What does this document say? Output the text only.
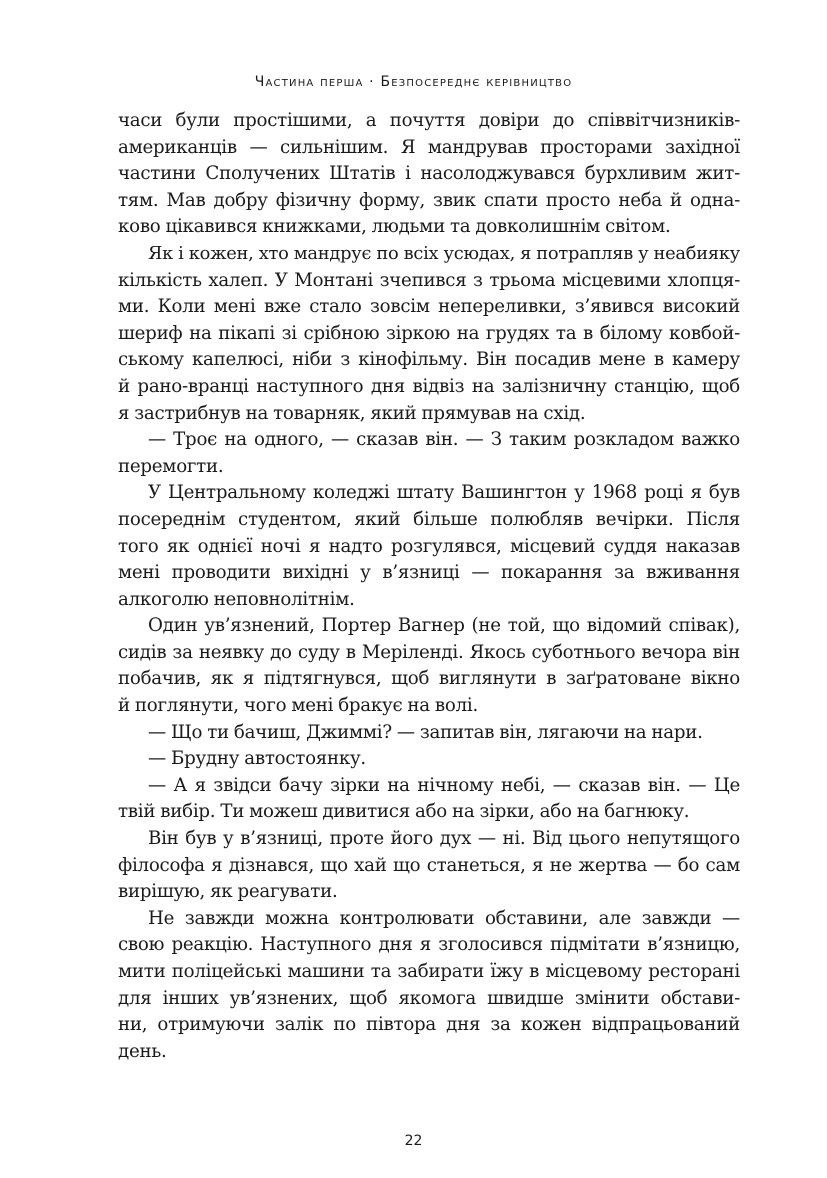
Частина перша · Безпосереднє керівництво
часи були простішими, а почуття довіри до співвітчизників-
американців — сильнішим. Я мандрував просторами західної
частини Сполучених Штатів і насолоджувався бурхливим жит-
тям. Мав добру фізичну форму, звик спати просто неба й одна-
ково цікавився книжками, людьми та довколишнім світом.
Як і кожен, хто мандрує по всіх усюдах, я потрапляв у неабияку
кількість халеп. У Монтані зчепився з трьома місцевими хлопця-
ми. Коли мені вже стало зовсім непереливки, з’явився високий
шериф на пікапі зі срібною зіркою на грудях та в білому ковбой-
ському капелюсі, ніби з кінофільму. Він посадив мене в камеру
й рано-вранці наступного дня відвіз на залізничну станцію, щоб
я застрибнув на товарняк, який прямував на схід.
— Троє на одного, — сказав він. — З таким розкладом важко
перемогти.
У Центральному коледжі штату Вашингтон у 1968 році я був
посереднім студентом, який більше полюбляв вечірки. Після
того як однієї ночі я надто розгулявся, місцевий суддя наказав
мені проводити вихідні у в’язниці — покарання за вживання
алкоголю неповнолітнім.
Один ув’язнений, Портер Вагнер (не той, що відомий співак),
сидів за неявку до суду в Меріленді. Якось суботнього вечора він
побачив, як я підтягнувся, щоб виглянути в заґратоване вікно
й поглянути, чого мені бракує на волі.
— Що ти бачиш, Джиммі? — запитав він, лягаючи на нари.
— Брудну автостоянку.
— А я звідси бачу зірки на нічному небі, — сказав він. — Це
твій вибір. Ти можеш дивитися або на зірки, або на багнюку.
Він був у в’язниці, проте його дух — ні. Від цього непутящого
філософа я дізнався, що хай що станеться, я не жертва — бо сам
вирішую, як реагувати.
Не завжди можна контролювати обставини, але завжди —
свою реакцію. Наступного дня я зголосився підмітати в’язницю,
мити поліцейські машини та забирати їжу в місцевому ресторані
для інших ув’язнених, щоб якомога швидше змінити обстави-
ни, отримуючи залік по півтора дня за кожен відпрацьований
день.
22
